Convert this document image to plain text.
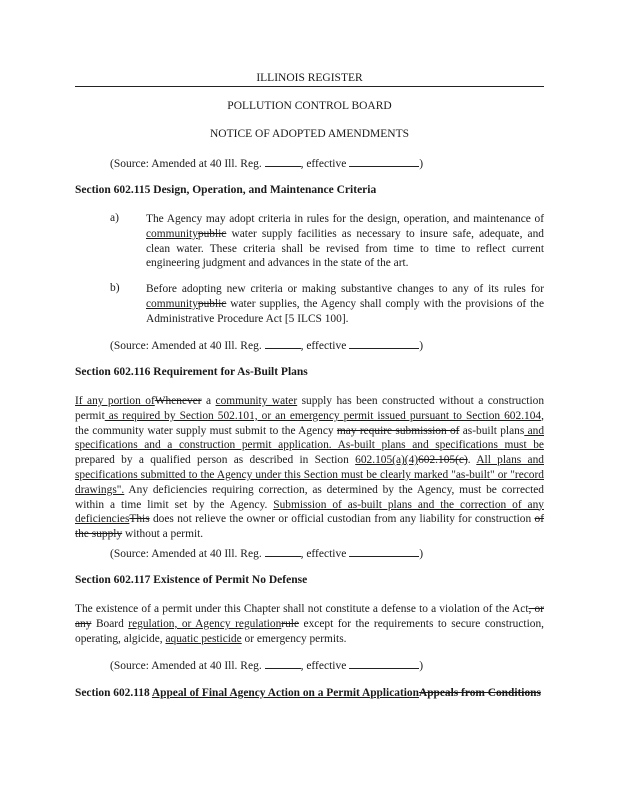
ILLINOIS REGISTER
POLLUTION CONTROL BOARD
NOTICE OF ADOPTED AMENDMENTS
(Source: Amended at 40 Ill. Reg.	, effective	)
Section 602.115 Design, Operation, and Maintenance Criteria
a) The Agency may adopt criteria in rules for the design, operation, and maintenance of communitypublic water supply facilities as necessary to insure safe, adequate, and clean water. These criteria shall be revised from time to time to reflect current engineering judgment and advances in the state of the art.
b) Before adopting new criteria or making substantive changes to any of its rules for communitypublic water supplies, the Agency shall comply with the provisions of the Administrative Procedure Act [5 ILCS 100].
(Source: Amended at 40 Ill. Reg.	, effective	)
Section 602.116 Requirement for As-Built Plans
If any portion ofWhenever a community water supply has been constructed without a construction permit as required by Section 502.101, or an emergency permit issued pursuant to Section 602.104, the community water supply must submit to the Agency may require submission of as-built plans and specifications and a construction permit application. As-built plans and specifications must be prepared by a qualified person as described in Section 602.105(a)(4)602.105(c). All plans and specifications submitted to the Agency under this Section must be clearly marked "as-built" or "record drawings". Any deficiencies requiring correction, as determined by the Agency, must be corrected within a time limit set by the Agency. Submission of as-built plans and the correction of any deficienciesThis does not relieve the owner or official custodian from any liability for construction of the supply without a permit.
(Source: Amended at 40 Ill. Reg.	, effective	)
Section 602.117 Existence of Permit No Defense
The existence of a permit under this Chapter shall not constitute a defense to a violation of the Act, or any Board regulation, or Agency regulationrule except for the requirements to secure construction, operating, algicide, aquatic pesticide or emergency permits.
(Source: Amended at 40 Ill. Reg.	, effective	)
Section 602.118 Appeal of Final Agency Action on a Permit ApplicationAppeals from Conditions
